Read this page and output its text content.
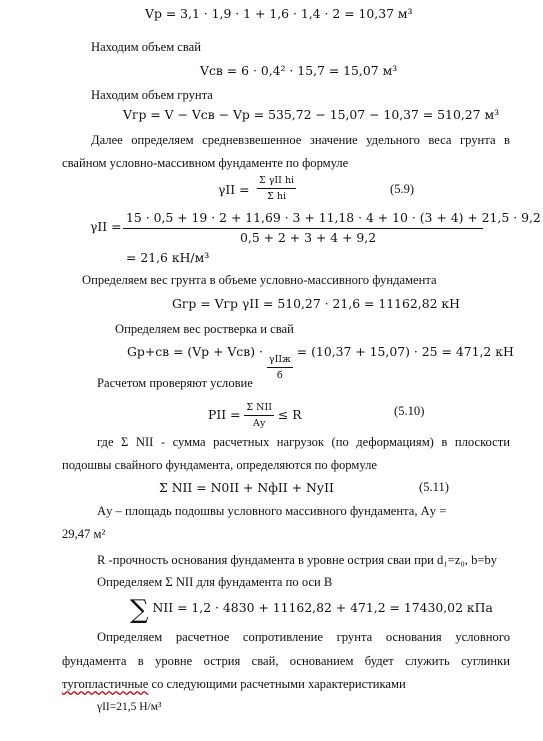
Vр = 3,1 · 1,9 · 1 + 1,6 · 1,4 · 2 = 10,37 м³
Находим объем свай
Vсв = 6 · 0,4² · 15,7 = 15,07 м³
Находим объем грунта
Vгр = V − Vсв − Vр = 535,72 − 15,07 − 10,37 = 510,27 м³
Далее определяем средневзвешенное значение удельного веса грунта в
свайном условно-массивном фундаменте по формуле
$\gamma II = \frac{\text{Σ γII hi}}{\text{Σ hi}}$	(5.9)
γII =
15 · 0,5 + 19 · 2 + 11,69 · 3 + 11,18 · 4 + 10 · (3 + 4) + 21,5 · 9,2
0,5 + 2 + 3 + 4 + 9,2
= 21,6 кН/м³
Определяем вес грунта в объеме условно-массивного фундамента
Gгр = Vгр γII = 510,27 · 21,6 = 11162,82 кН
Определяем вес ростверка и свай
Gр+св = (Vр + Vсв) ·
$\frac{\text{γIIж}}{б}$
= (10,37 + 15,07) · 25 = 471,2 кН
Расчетом проверяют условие
PII = $\frac{\text{Σ NII}}{Aу} \le R$	(5.10)
где Σ NII - сумма расчетных нагрузок (по деформациям) в плоскости
подошвы свайного фундамента, определяются по формуле
Σ NII = N0II + NфII + NуII	(5.11)
Aу – площадь подошвы условного массивного фундамента, Aу =
29,47 м²
R -прочность основания фундамента в уровне острия сваи при d₁=z₀, b=bу
Определяем Σ NII для фундамента по оси В
∑ NII = 1,2 · 4830 + 11162,82 + 471,2 = 17430,02 кПа
Определяем расчетное сопротивление грунта основания условного
фундамента в уровне острия свай, основанием будет служить суглинки
тугопластичные со следующими расчетными характеристиками
γII=21,5 Н/м³
